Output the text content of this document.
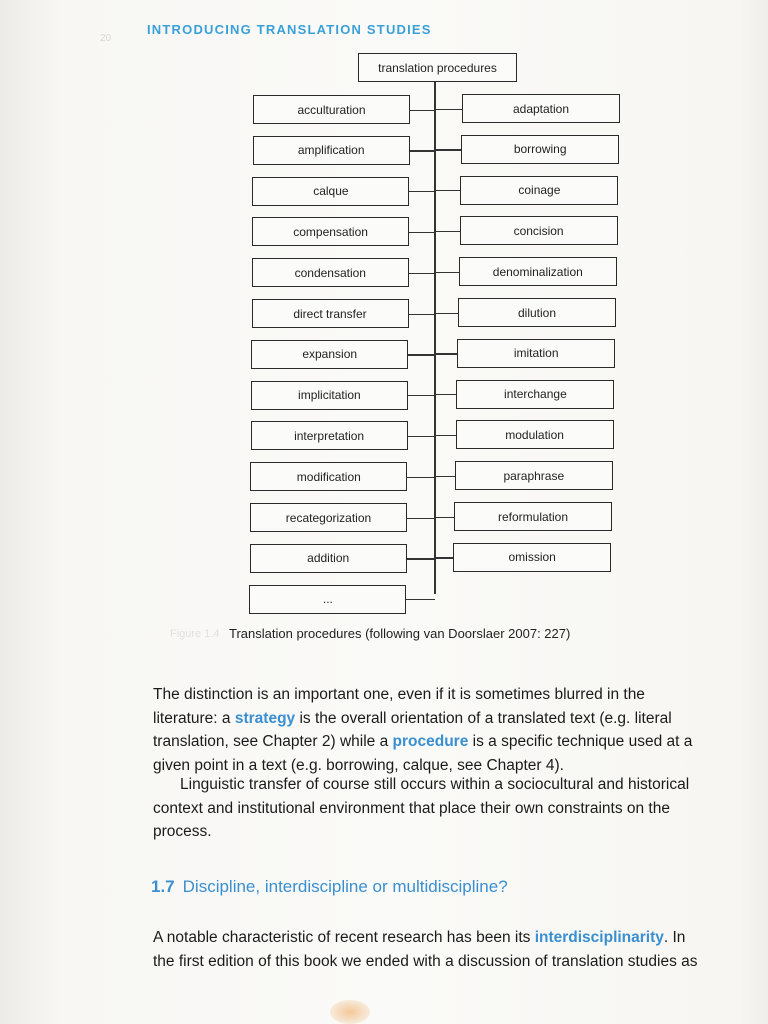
20
INTRODUCING TRANSLATION STUDIES
translation procedures
acculturation
amplification
calque
compensation
condensation
direct transfer
expansion
implicitation
interpretation
modification
recategorization
addition
...
adaptation
borrowing
coinage
concision
denominalization
dilution
imitation
interchange
modulation
paraphrase
reformulation
omission
Figure 1.4 Translation procedures (following van Doorslaer 2007: 227)
The distinction is an important one, even if it is sometimes blurred in the literature: a strategy is the overall orientation of a translated text (e.g. literal translation, see Chapter 2) while a procedure is a specific technique used at a given point in a text (e.g. borrowing, calque, see Chapter 4).
Linguistic transfer of course still occurs within a sociocultural and historical context and institutional environment that place their own constraints on the process.
1.7 Discipline, interdiscipline or multidiscipline?
A notable characteristic of recent research has been its interdisciplinarity. In the first edition of this book we ended with a discussion of translation studies as
